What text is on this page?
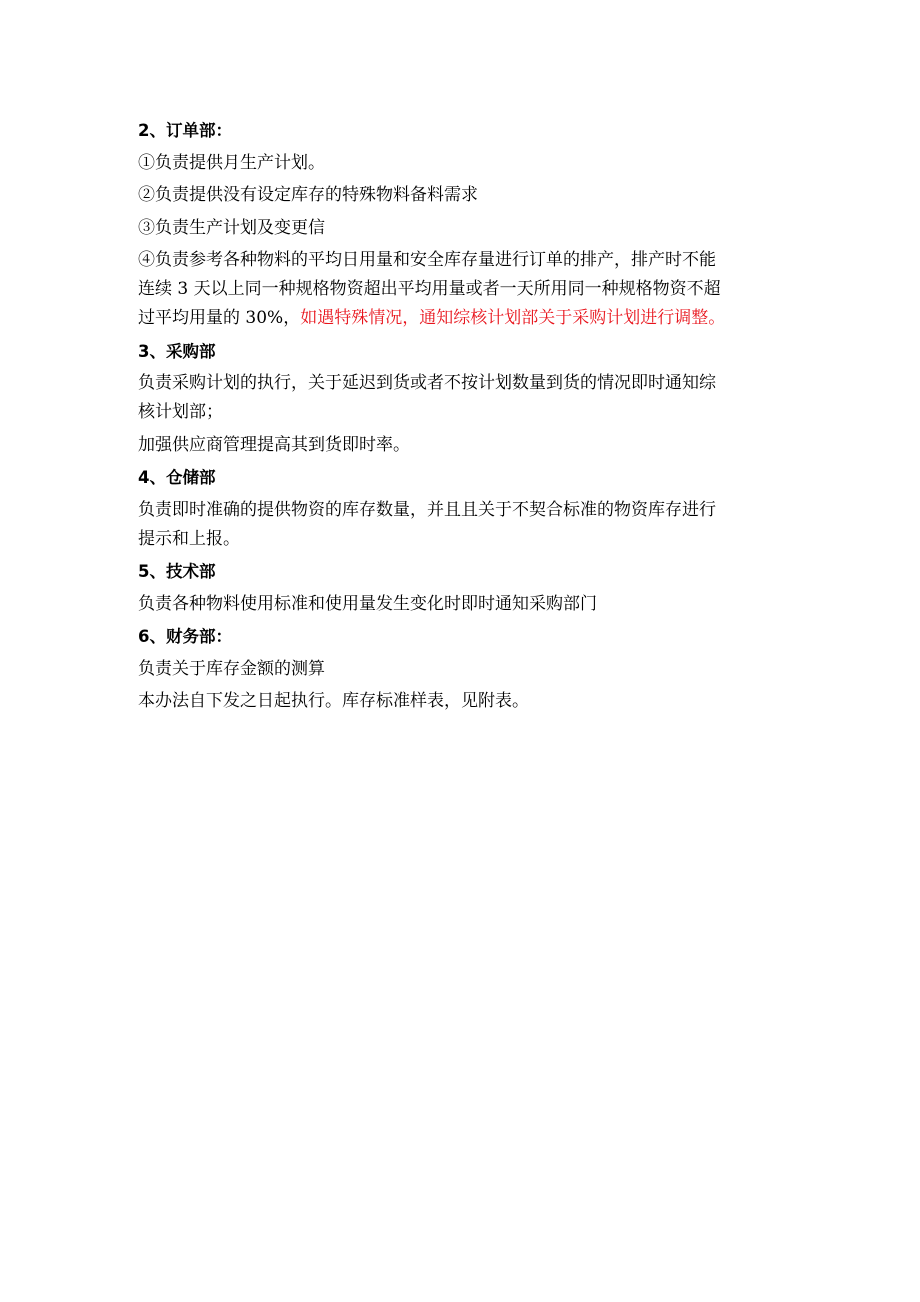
2、订单部：

①负责提供月生产计划。

②负责提供没有设定库存的特殊物料备料需求

③负责生产计划及变更信

④负责参考各种物料的平均日用量和安全库存量进行订单的排产，排产时不能

连续 3 天以上同一种规格物资超出平均用量或者一天所用同一种规格物资不超

过平均用量的 30%，如遇特殊情况，通知综核计划部关于采购计划进行调整。

3、采购部

负责采购计划的执行，关于延迟到货或者不按计划数量到货的情况即时通知综

核计划部；

加强供应商管理提高其到货即时率。

4、仓储部

负责即时准确的提供物资的库存数量，并且且关于不契合标准的物资库存进行

提示和上报。

5、技术部

负责各种物料使用标准和使用量发生变化时即时通知采购部门

6、财务部：

负责关于库存金额的测算

本办法自下发之日起执行。库存标准样表，见附表。
